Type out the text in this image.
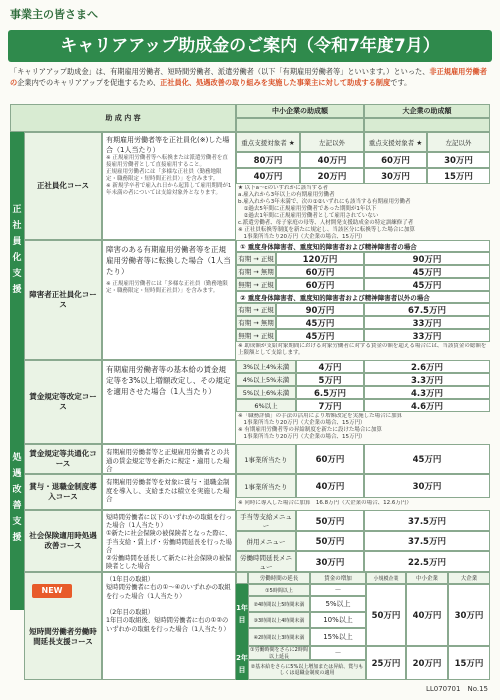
事業主の皆さまへ
キャリアアップ助成金のご案内（令和7年度7月）
「キャリアアップ助成金」は、有期雇用労働者、短時間労働者、派遣労働者（以下「有期雇用労働者等」といいます。）といった、非正規雇用労働者の企業内でのキャリアアップを促進するため、正社員化、処遇改善の取り組みを実施した事業主に対して助成する制度です。
助 成 内 容
中小企業の助成額	大企業の助成額
正社員化支援
処遇改善支援
正社員化コース
有期雇用労働者等を正社員化(※)した場合（1人当たり）
※ 正規雇用労働者等へ転換または派遣労働者を直接雇用労働者として直接雇用すること。
正規雇用労働者には「多様な正社員（勤務地限定・職務限定・短時間正社員）」を含みます。
※ 新規学卒者で雇入れ日から起算して雇用期間が1年未満の者については支給対象外となります。
重点支援対象者 ★	左記以外	重点支援対象者 ★	左記以外
80万円	40万円	60万円	30万円
40万円	20万円	30万円	15万円
★ 以下a～cのいずれかに該当する者
a.雇入れから3年以上の有期雇用労働者
b.雇入れから3年未満で、次の①②いずれにも該当する有期雇用労働者
　①過去5年間に正規雇用労働者であった期間が1年以下
　②過去1年間に正規雇用労働者として雇用されていない
c.派遣労働者、母子家庭の母等、人材開発支援助成金の特定訓練修了者
※ 正社員転換等制度を新たに規定し、当該区分に転換等した場合に加算
　1事業所当たり20万円（大企業の場合、15万円）

障害者正社員化コース
障害のある有期雇用労働者等を正規雇用労働者等に転換した場合（1人当たり）
※ 正規雇用労働者には「多様な正社員（勤務地限定・職務限定・短時間正社員）」を含みます。
① 重度身体障害者、重度知的障害者および精神障害者の場合
有期 → 正規	120万円	90万円
有期 → 無期	60万円	45万円
無期 → 正規	60万円	45万円
② 重度身体障害者、重度知的障害者および精神障害者以外の場合
有期 → 正規	90万円	67.5万円
有期 → 無期	45万円	33万円
無期 → 正規	45万円	33万円
※ 助成額が支給対象期間における対象労働者に対する賃金の額を超える場合には、当該賃金の総額を上限額として支給します。
賃金規定等改定コース
有期雇用労働者等の基本給の賃金規定等を3%以上増額改定し、その規定を適用させた場合（1人当たり）
3%以上4%未満	4万円	2.6万円
4%以上5%未満	5万円	3.3万円
5%以上6%未満	6.5万円	4.3万円
6%以上	7万円	4.6万円
※「職務評価」の手法の活用により増額改定を実施した場合に加算
　1事業所当たり20万円（大企業の場合、15万円）
※ 有期雇用労働者等の昇給制度を新たに設けた場合に加算
　1事業所当たり20万円（大企業の場合、15万円）
賃金規定等共通化コース
有期雇用労働者等と正規雇用労働者との共通の賃金規定等を新たに規定・適用した場合
1事業所当たり	60万円	45万円
賞与・退職金制度導入コース
有期雇用労働者等を対象に賞与・退職金制度を導入し、支給または積立を実施した場合
1事業所当たり	40万円	30万円
※ 同時に導入した場合に加算　16.8万円（大企業の場合、12.6万円）
社会保険適用時処遇改善コース
短時間労働者に以下のいずれかの取組を行った場合（1人当たり）
①新たに社会保険の被保険者となった際に、手当支給・賃上げ・労働時間延長を行った場合
②労働時間を延長して新たに社会保険の被保険者とした場合
手当等支給メニュー	50万円	37.5万円
併用メニュー	50万円	37.5万円
労働時間延長メニュー	30万円	22.5万円
短時間労働者労働時間延長支援コース
NEW
（1年目の取組）
短時間労働者に右の①～④のいずれかの取組を行った場合（1人当たり）

（2年目の取組）
1年目の取組後、短時間労働者に右の①②のいずれかの取組を行った場合（1人当たり）
労働時間の延長	賃金の増加	小規模企業	中小企業	大企業
1年目
①5時間以上	－
②4時間以上5時間未満	5%以上
③3時間以上4時間未満	10%以上
④2時間以上3時間未満	15%以上
50万円	40万円	30万円
2年目
①労働時間をさらに2時間以上延長	－
②基本給をさらに5%以上増加または昇給、賞与もしくは退職金制度の適用
25万円	20万円	15万円
LL070701　No.15
